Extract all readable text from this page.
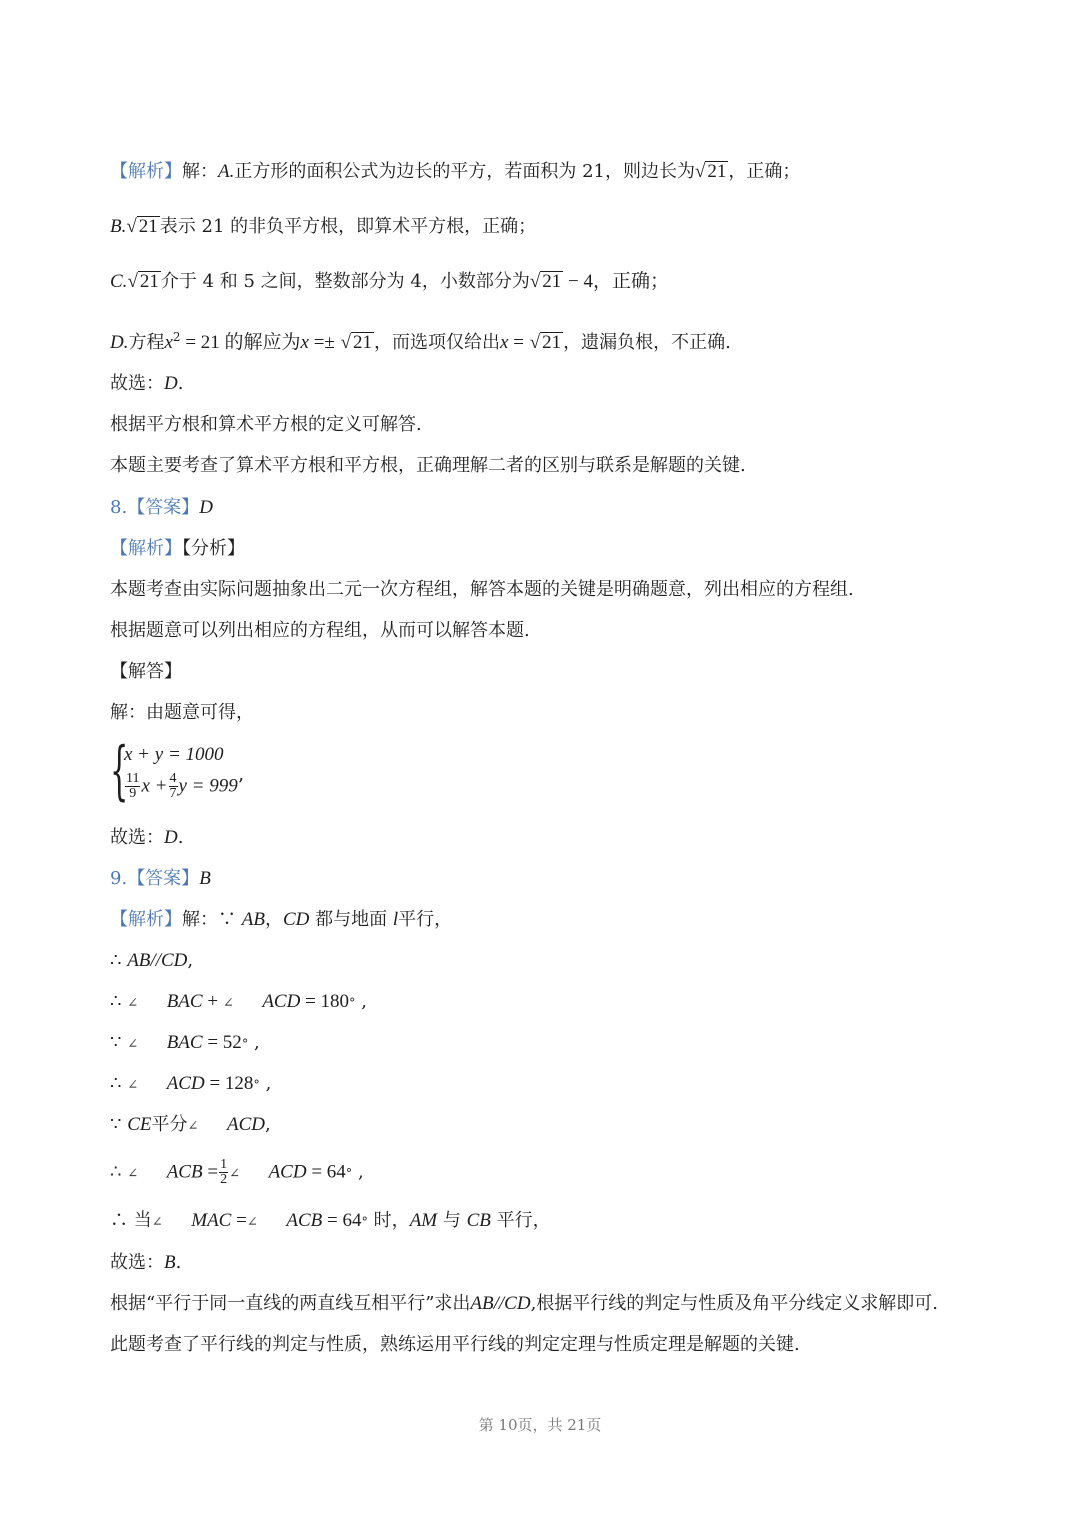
【解析】解：A.正方形的面积公式为边长的平方，若面积为 21，则边长为√ 21 ，正确；
B.√ 21 表示 21 的非负平方根，即算术平方根，正确；
C.√ 21 介于 4 和 5 之间，整数部分为 4，小数部分为√ 21 − 4，正确；
D.方程$x^2 = 21$ 的解应为x =± √ 21 ，而选项仅给出x = √ 21 ，遗漏负根，不正确.
故选：D.
根据平方根和算术平方根的定义可解答.
本题主要考查了算术平方根和平方根，正确理解二者的区别与联系是解题的关键.
8.【答案】D
【解析】【分析】
本题考查由实际问题抽象出二元一次方程组，解答本题的关键是明确题意，列出相应的方程组.
根据题意可以列出相应的方程组，从而可以解答本题.
【解答】
解：由题意可得，
{
x + y = 1000
$\frac{11}{9}$ $x + \frac{4}{7}$ y = 999’
故选：D.
9.【答案】B
【解析】解：∵ AB，CD 都与地面 l平行，
∴ AB//CD,
∴ ∠ BAC + ∠ ACD = 180° ,
∵ ∠ BAC = 52° ,
∴ ∠ ACD = 128° ,
∵ CE平分∠ ACD,
∴ ∠ ACB = $\frac{1}{2}$ ∠ ACD = 64° ,
∴ 当∠ MAC =∠ ACB = 64° 时，AM 与 CB 平行，
故选：B.
根据“平行于同一直线的两直线互相平行”求出AB//CD,根据平行线的判定与性质及角平分线定义求解即可.
此题考查了平行线的判定与性质，熟练运用平行线的判定定理与性质定理是解题的关键.
第 10页，共 21页
